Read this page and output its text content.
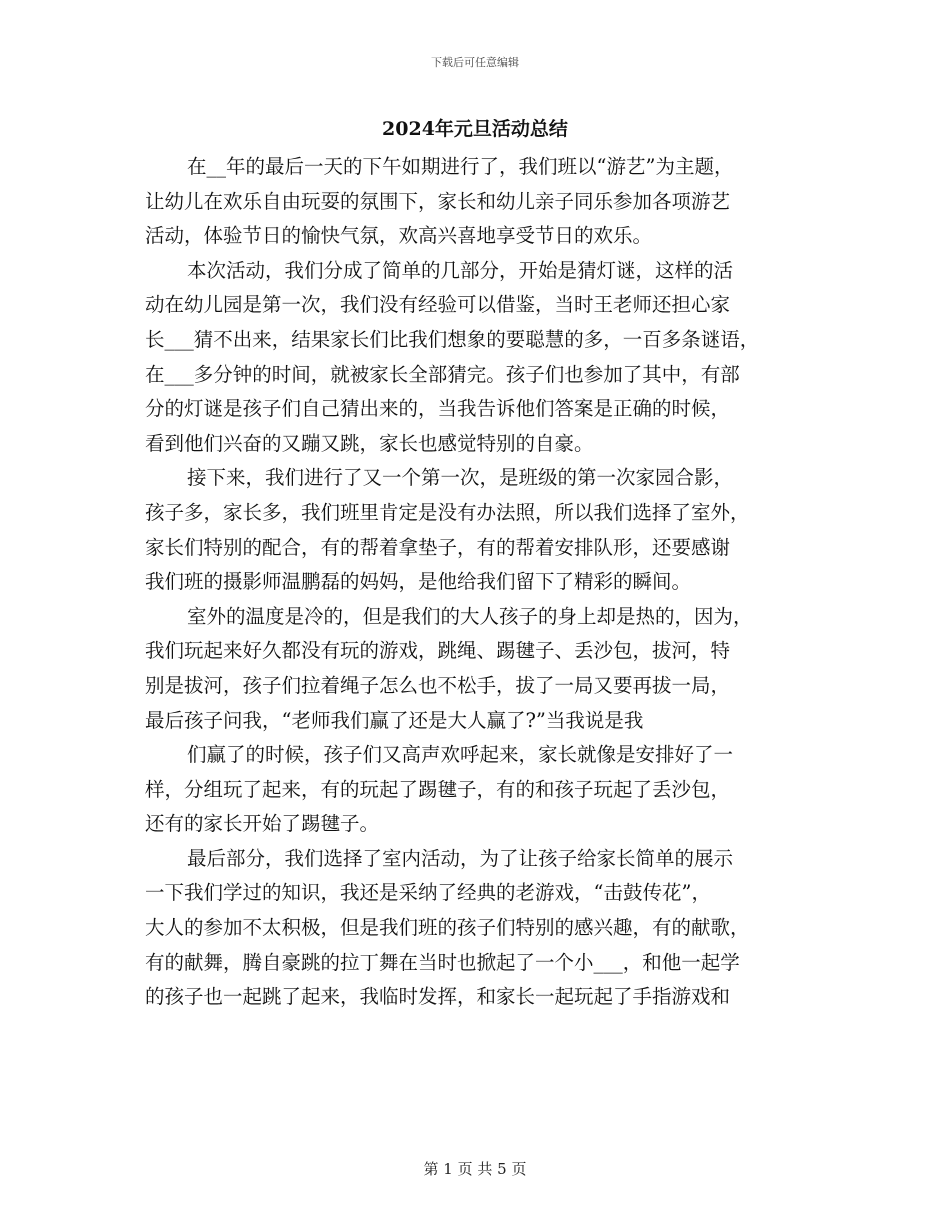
下载后可任意编辑
2024年元旦活动总结
在__年的最后一天的下午如期进行了，我们班以“游艺”为主题，
让幼儿在欢乐自由玩耍的氛围下，家长和幼儿亲子同乐参加各项游艺
活动，体验节日的愉快气氛，欢高兴喜地享受节日的欢乐。
本次活动，我们分成了简单的几部分，开始是猜灯谜，这样的活
动在幼儿园是第一次，我们没有经验可以借鉴，当时王老师还担心家
长___猜不出来，结果家长们比我们想象的要聪慧的多，一百多条谜语，
在___多分钟的时间，就被家长全部猜完。孩子们也参加了其中，有部
分的灯谜是孩子们自己猜出来的，当我告诉他们答案是正确的时候，
看到他们兴奋的又蹦又跳，家长也感觉特别的自豪。
接下来，我们进行了又一个第一次，是班级的第一次家园合影，
孩子多，家长多，我们班里肯定是没有办法照，所以我们选择了室外，
家长们特别的配合，有的帮着拿垫子，有的帮着安排队形，还要感谢
我们班的摄影师温鹏磊的妈妈，是他给我们留下了精彩的瞬间。
室外的温度是冷的，但是我们的大人孩子的身上却是热的，因为，
我们玩起来好久都没有玩的游戏，跳绳、踢毽子、丢沙包，拔河，特
别是拔河，孩子们拉着绳子怎么也不松手，拔了一局又要再拔一局，
最后孩子问我，“老师我们赢了还是大人赢了?”当我说是我
们赢了的时候，孩子们又高声欢呼起来，家长就像是安排好了一
样，分组玩了起来，有的玩起了踢毽子，有的和孩子玩起了丢沙包，
还有的家长开始了踢毽子。
最后部分，我们选择了室内活动，为了让孩子给家长简单的展示
一下我们学过的知识，我还是采纳了经典的老游戏，“击鼓传花”，
大人的参加不太积极，但是我们班的孩子们特别的感兴趣，有的献歌，
有的献舞，腾自豪跳的拉丁舞在当时也掀起了一个小___，和他一起学
的孩子也一起跳了起来，我临时发挥，和家长一起玩起了手指游戏和
第 1 页 共 5 页
